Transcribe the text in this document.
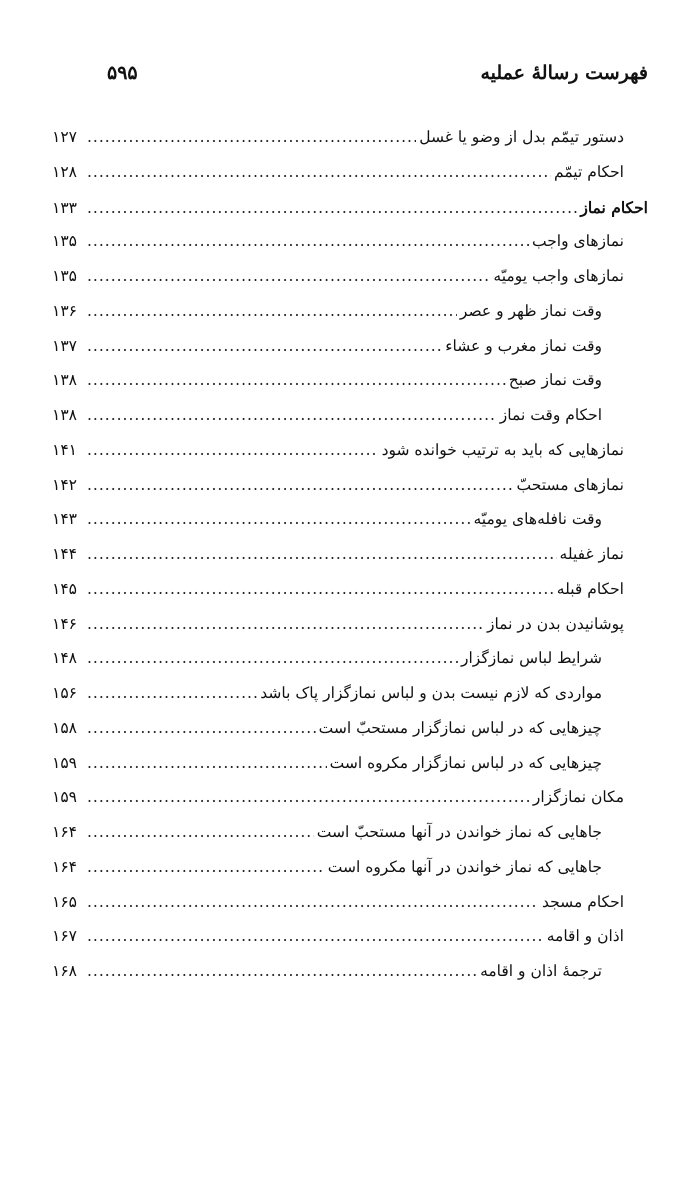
فهرست رسالهٔ عملیه
۵۹۵
دستور تیمّم بدل از وضو یا غسل
.....
۱۲۷
احکام تیمّم
.....
۱۲۸
احکام نماز
.....
۱۳۳
نمازهای واجب
.....
۱۳۵
نمازهای واجب یومیّه
.....
۱۳۵
وقت نماز ظهر و عصر
.....
۱۳۶
وقت نماز مغرب و عشاء
.....
۱۳۷
وقت نماز صبح
.....
۱۳۸
احکام وقت نماز
.....
۱۳۸
نمازهایی که باید به ترتیب خوانده شود
.....
۱۴۱
نمازهای مستحبّ
.....
۱۴۲
وقت نافله‌های یومیّه
.....
۱۴۳
نماز غفیله
.....
۱۴۴
احکام قبله
.....
۱۴۵
پوشانیدن بدن در نماز
.....
۱۴۶
شرایط لباس نمازگزار
.....
۱۴۸
مواردی که لازم نیست بدن و لباس نمازگزار پاک باشد
.....
۱۵۶
چیزهایی که در لباس نمازگزار مستحبّ است
.....
۱۵۸
چیزهایی که در لباس نمازگزار مکروه است
.....
۱۵۹
مکان نمازگزار
.....
۱۵۹
جاهایی که نماز خواندن در آنها مستحبّ است
.....
۱۶۴
جاهایی که نماز خواندن در آنها مکروه است
.....
۱۶۴
احکام مسجد
.....
۱۶۵
اذان و اقامه
.....
۱۶۷
ترجمهٔ اذان و اقامه
.....
۱۶۸
